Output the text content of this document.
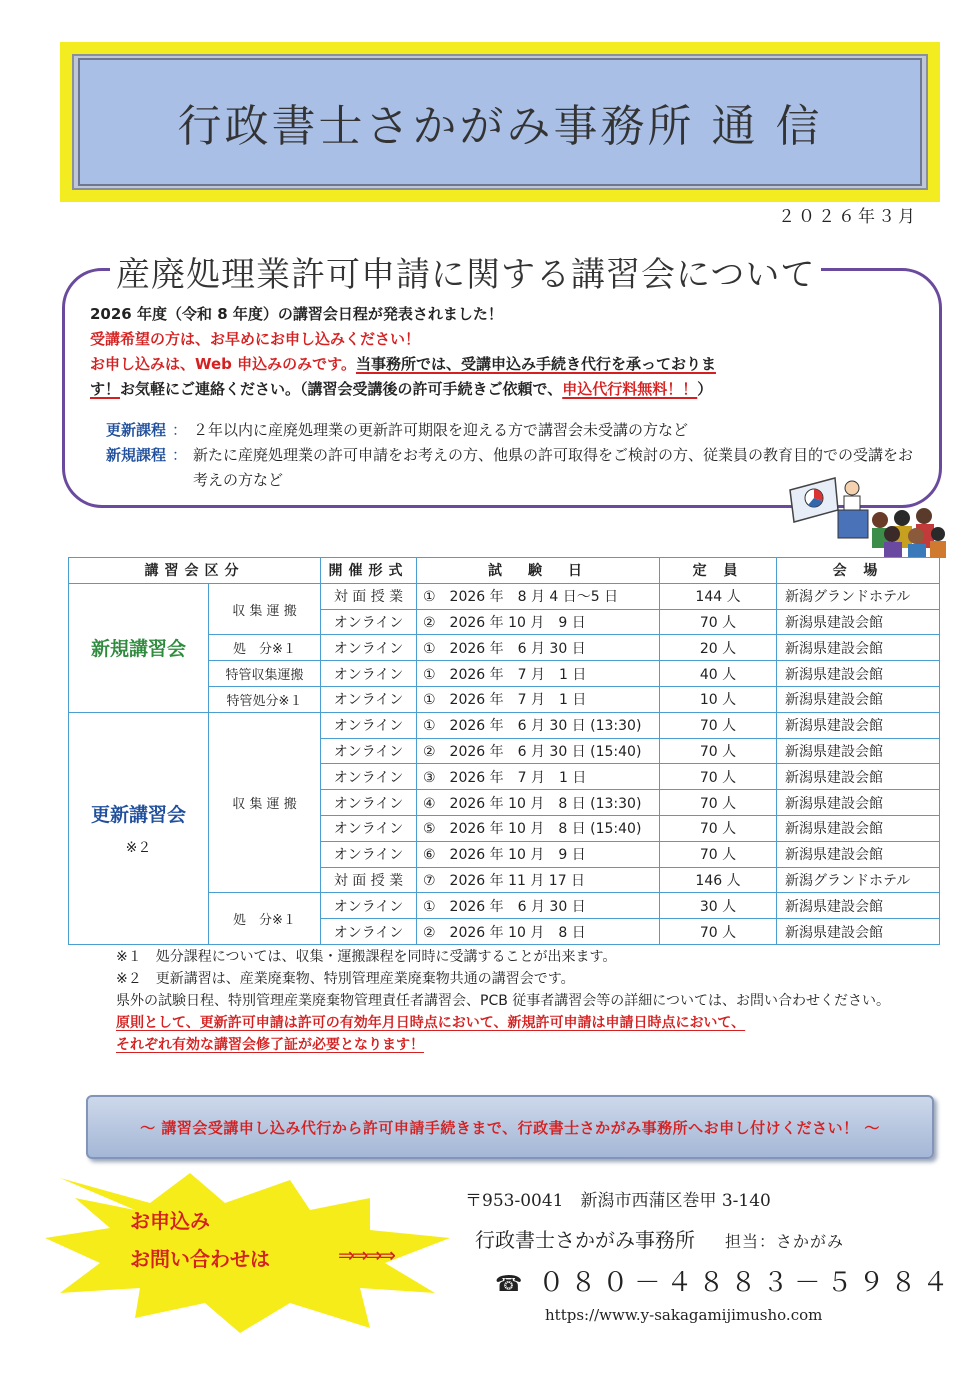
行政書士さかがみ事務所 通 信
２０２６年３月
産廃処理業許可申請に関する講習会について
2026 年度（令和 8 年度）の講習会日程が発表されました！
受講希望の方は、お早めにお申し込みください！
お申し込みは、Web 申込みのみです。当事務所では、受講申込み手続き代行を承っておりま
す！お気軽にご連絡ください。（講習会受講後の許可手続きご依頼で、申込代行料無料！！）
更新課程 ： ２年以内に産廃処理業の更新許可期限を迎える方で講習会未受講の方など
新規課程 ： 新たに産廃処理業の許可申請をお考えの方、他県の許可取得をご検討の方、従業員の教育目的での受講をお考えの方など
講習会区分		開催形式	試　験　日	定 員	会 場
新規講習会	収 集 運 搬	対 面 授 業	①　2026 年　8 月 4 日～5 日	144 人	新潟グランドホテル
		オンライン	②　2026 年 10 月　9 日	70 人	新潟県建設会館
	処　分※１	オンライン	①　2026 年　6 月 30 日	20 人	新潟県建設会館
	特管収集運搬	オンライン	①　2026 年　7 月　1 日	40 人	新潟県建設会館
	特管処分※１	オンライン	①　2026 年　7 月　1 日	10 人	新潟県建設会館

更新講習会
※２	収 集 運 搬	オンライン	①　2026 年　6 月 30 日 (13:30)	70 人	新潟県建設会館
		オンライン	②　2026 年　6 月 30 日 (15:40)	70 人	新潟県建設会館
		オンライン	③　2026 年　7 月　1 日	70 人	新潟県建設会館
		オンライン	④　2026 年 10 月　8 日 (13:30)	70 人	新潟県建設会館
		オンライン	⑤　2026 年 10 月　8 日 (15:40)	70 人	新潟県建設会館
		オンライン	⑥　2026 年 10 月　9 日	70 人	新潟県建設会館
		対 面 授 業	⑦　2026 年 11 月 17 日	146 人	新潟グランドホテル
	処　分※１	オンライン	①　2026 年　6 月 30 日	30 人	新潟県建設会館
		オンライン	②　2026 年 10 月　8 日	70 人	新潟県建設会館
※１　処分課程については、収集・運搬課程を同時に受講することが出来ます。
※２　更新講習は、産業廃棄物、特別管理産業廃棄物共通の講習会です。
県外の試験日程、特別管理産業廃棄物管理責任者講習会、PCB 従事者講習会等の詳細については、お問い合わせください。
原則として、更新許可申請は許可の有効年月日時点において、新規許可申請は申請日時点において、
それぞれ有効な講習会修了証が必要となります！
～ 講習会受講申し込み代行から許可申請手続きまで、行政書士さかがみ事務所へお申し付けください！ ～
お申込み
お問い合わせは	⇒⇒⇒⇒
〒953-0041　新潟市西蒲区巻甲 3-140
行政書士さかがみ事務所 担当：さかがみ
☎ ０８０－４８８３－５９８４
https://www.y-sakagamijimusho.com
